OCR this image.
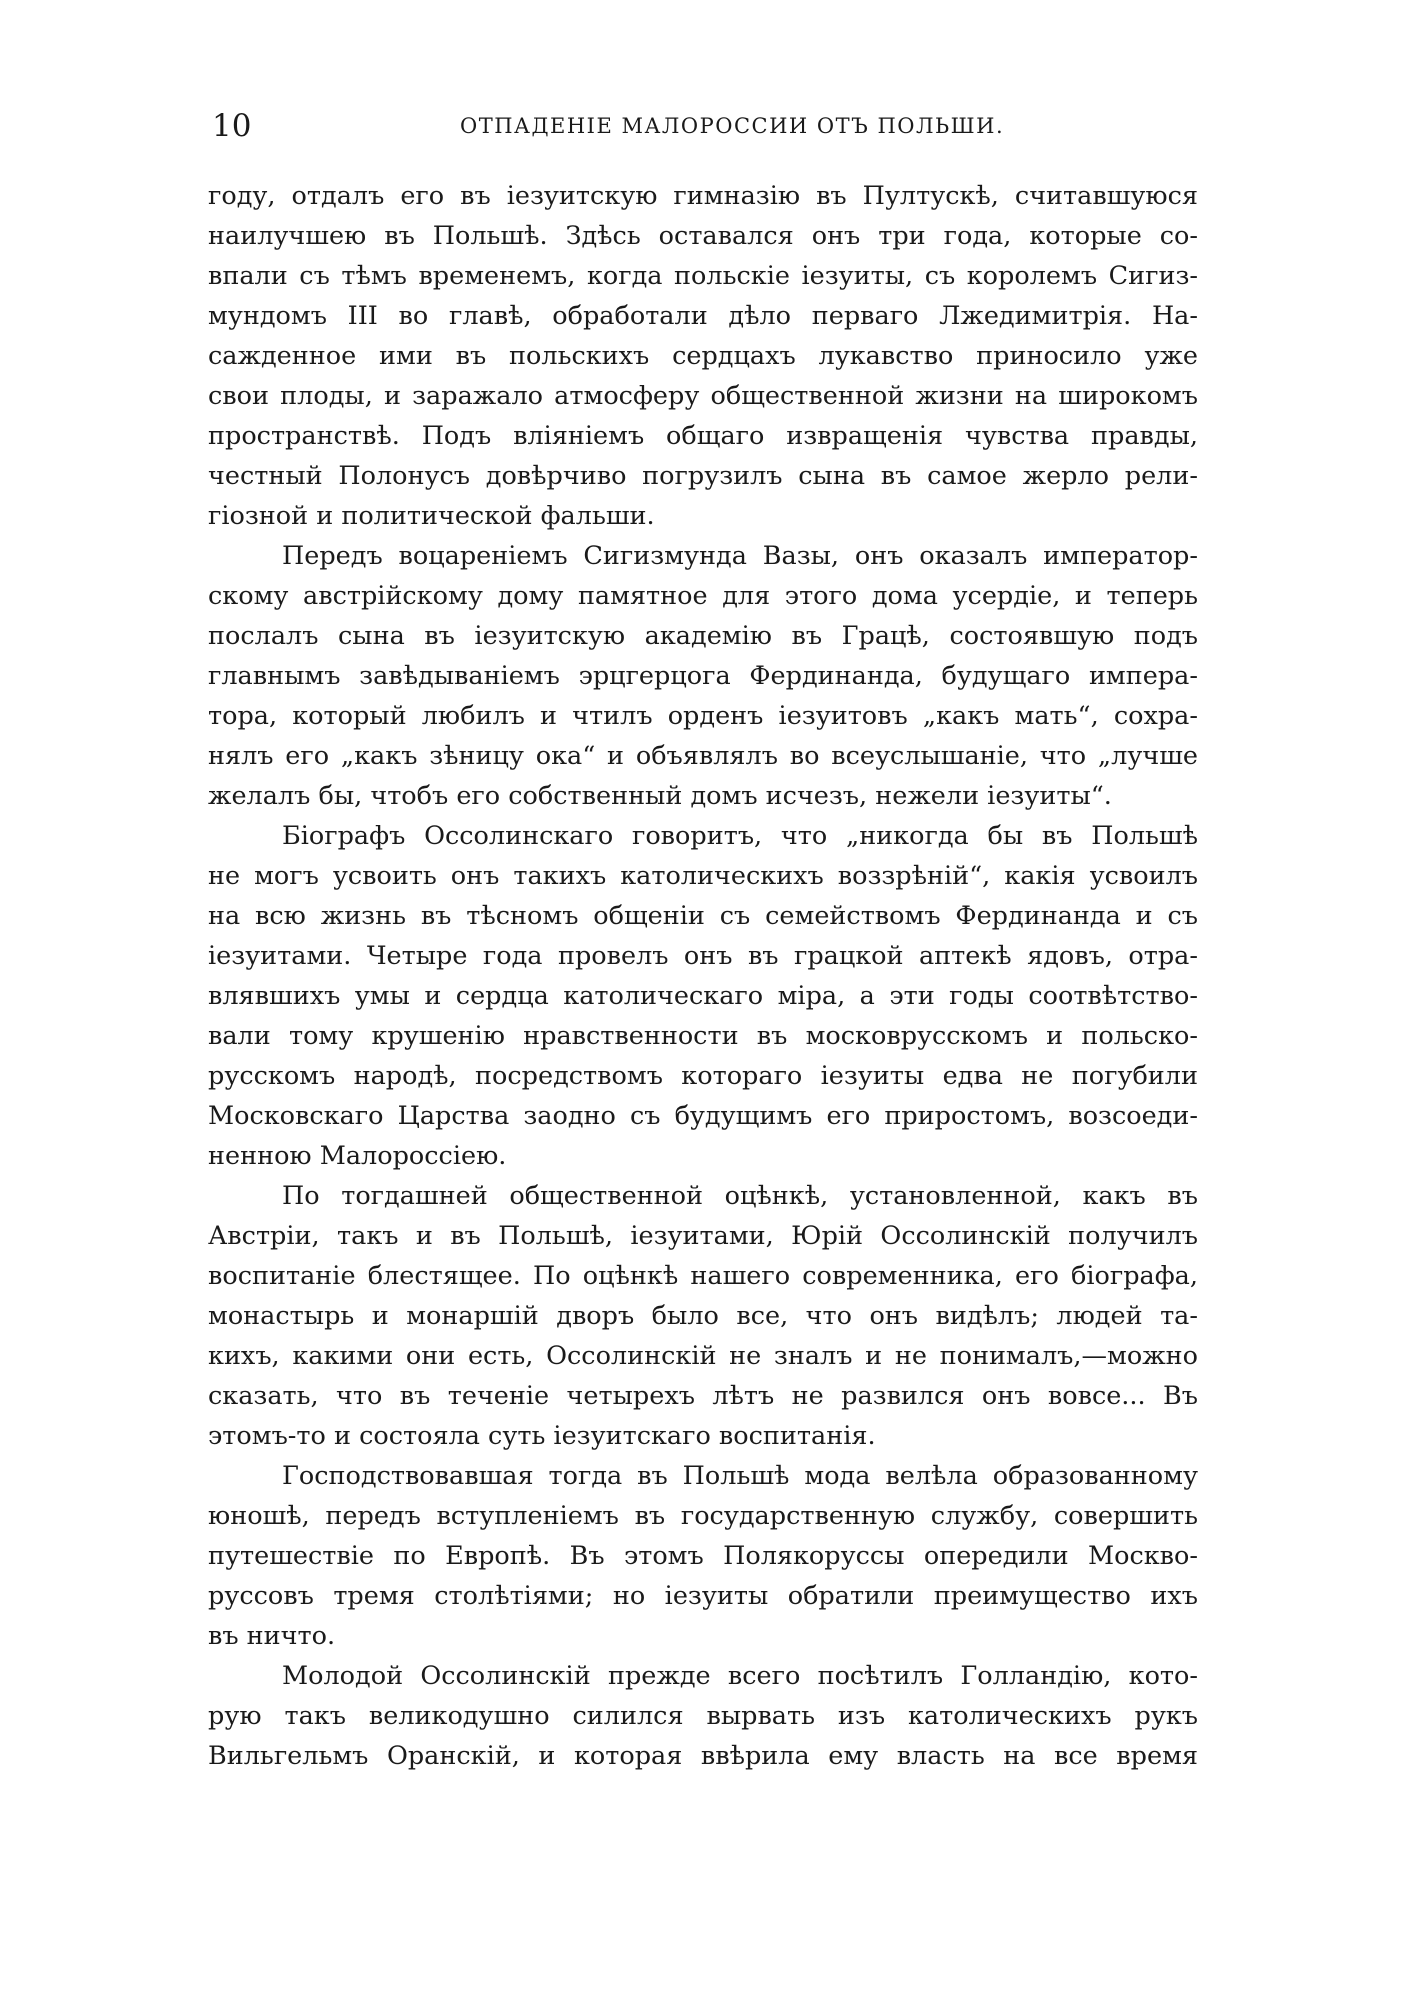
10	ОТПАДЕНІЕ МАЛОРОССИИ ОТЪ ПОЛЬШИ.
году, отдалъ его въ іезуитскую гимназію въ Пултускѣ, считавшуюся
наилучшею въ Польшѣ. Здѣсь оставался онъ три года, которые со-
впали съ тѣмъ временемъ, когда польскіе іезуиты, съ королемъ Сигиз-
мундомъ III во главѣ, обработали дѣло перваго Лжедимитрія. На-
сажденное ими въ польскихъ сердцахъ лукавство приносило уже
свои плоды, и заражало атмосферу общественной жизни на широкомъ
пространствѣ. Подъ вліяніемъ общаго извращенія чувства правды,
честный Полонусъ довѣрчиво погрузилъ сына въ самое жерло рели-
гіозной и политической фальши.
Передъ воцареніемъ Сигизмунда Вазы, онъ оказалъ император-
скому австрійскому дому памятное для этого дома усердіе, и теперь
послалъ сына въ іезуитскую академію въ Грацѣ, состоявшую подъ
главнымъ завѣдываніемъ эрцгерцога Фердинанда, будущаго импера-
тора, который любилъ и чтилъ орденъ іезуитовъ „какъ мать“, сохра-
нялъ его „какъ зѣницу ока“ и объявлялъ во всеуслышаніе, что „лучше
желалъ бы, чтобъ его собственный домъ исчезъ, нежели іезуиты“.
Біографъ Оссолинскаго говоритъ, что „никогда бы въ Польшѣ
не могъ усвоить онъ такихъ католическихъ воззрѣній“, какія усвоилъ
на всю жизнь въ тѣсномъ общеніи съ семействомъ Фердинанда и съ
іезуитами. Четыре года провелъ онъ въ грацкой аптекѣ ядовъ, отра-
влявшихъ умы и сердца католическаго міра, а эти годы соотвѣтство-
вали тому крушенію нравственности въ московрусскомъ и польско-
русскомъ народѣ, посредствомъ котораго іезуиты едва не погубили
Московскаго Царства заодно съ будущимъ его приростомъ, возсоеди-
ненною Малороссіею.
По тогдашней общественной оцѣнкѣ, установленной, какъ въ
Австріи, такъ и въ Польшѣ, іезуитами, Юрій Оссолинскій получилъ
воспитаніе блестящее. По оцѣнкѣ нашего современника, его біографа,
монастырь и монаршій дворъ было все, что онъ видѣлъ; людей та-
кихъ, какими они есть, Оссолинскій не зналъ и не понималъ,—можно
сказать, что въ теченіе четырехъ лѣтъ не развился онъ вовсе... Въ
этомъ-то и состояла суть іезуитскаго воспитанія.
Господствовавшая тогда въ Польшѣ мода велѣла образованному
юношѣ, передъ вступленіемъ въ государственную службу, совершить
путешествіе по Европѣ. Въ этомъ Полякоруссы опередили Москво-
руссовъ тремя столѣтіями; но іезуиты обратили преимущество ихъ
въ ничто.
Молодой Оссолинскій прежде всего посѣтилъ Голландію, кото-
рую такъ великодушно силился вырвать изъ католическихъ рукъ
Вильгельмъ Оранскій, и которая ввѣрила ему власть на все время
